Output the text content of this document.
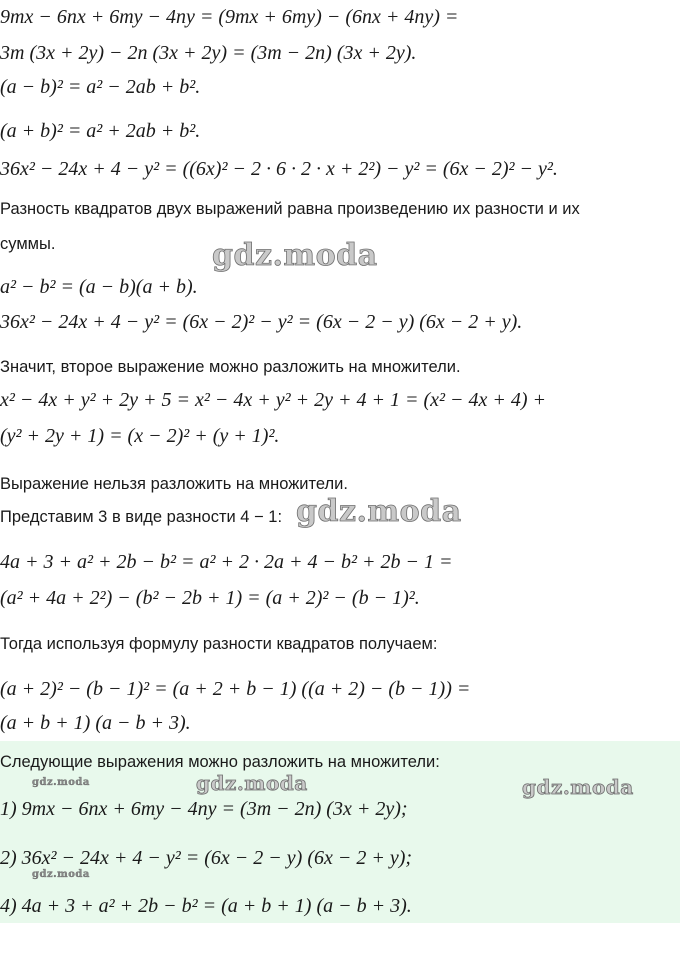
9mx − 6nx + 6my − 4ny = (9mx + 6my) − (6nx + 4ny) =
3m (3x + 2y) − 2n (3x + 2y) = (3m − 2n) (3x + 2y).
(a − b)² = a² − 2ab + b².
(a + b)² = a² + 2ab + b².
36x² − 24x + 4 − y² = ((6x)² − 2 · 6 · 2 · x + 2²) − y² = (6x − 2)² − y².
Разность квадратов двух выражений равна произведению их разности и их
суммы.
a² − b² = (a − b)(a + b).
36x² − 24x + 4 − y² = (6x − 2)² − y² = (6x − 2 − y) (6x − 2 + y).
Значит, второе выражение можно разложить на множители.
x² − 4x + y² + 2y + 5 = x² − 4x + y² + 2y + 4 + 1 = (x² − 4x + 4) +
(y² + 2y + 1) = (x − 2)² + (y + 1)².
Выражение нельзя разложить на множители.
Представим 3 в виде разности 4 − 1:
4a + 3 + a² + 2b − b² = a² + 2 · 2a + 4 − b² + 2b − 1 =
(a² + 4a + 2²) − (b² − 2b + 1) = (a + 2)² − (b − 1)².
Тогда используя формулу разности квадратов получаем:
(a + 2)² − (b − 1)² = (a + 2 + b − 1) ((a + 2) − (b − 1)) =
(a + b + 1) (a − b + 3).
Следующие выражения можно разложить на множители:
1) 9mx − 6nx + 6my − 4ny = (3m − 2n) (3x + 2y);
2) 36x² − 24x + 4 − y² = (6x − 2 − y) (6x − 2 + y);
4) 4a + 3 + a² + 2b − b² = (a + b + 1) (a − b + 3).
gdz.moda
gdz.moda
gdz.moda	gdz.moda
gdz.moda
gdz.moda
